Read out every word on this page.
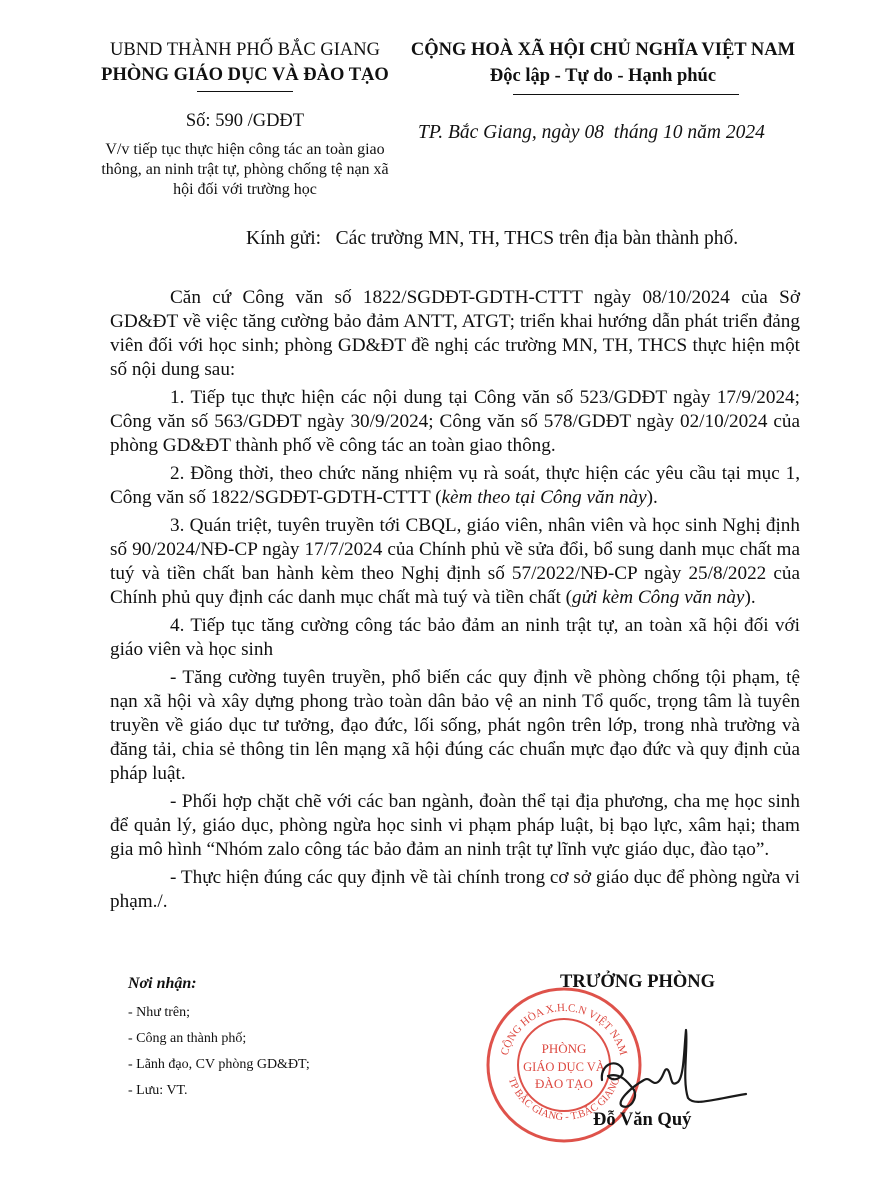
UBND THÀNH PHỐ BẮC GIANG
PHÒNG GIÁO DỤC VÀ ĐÀO TẠO
CỘNG HOÀ XÃ HỘI CHỦ NGHĨA VIỆT NAM
Độc lập - Tự do - Hạnh phúc
Số: 590 /GDĐT
V/v tiếp tục thực hiện công tác an toàn giao thông, an ninh trật tự, phòng chống tệ nạn xã hội đối với trường học
TP. Bắc Giang, ngày 08  tháng 10 năm 2024
Kính gửi:   Các trường MN, TH, THCS trên địa bàn thành phố.

Căn cứ Công văn số 1822/SGDĐT-GDTH-CTTT ngày 08/10/2024 của Sở GD&ĐT về việc tăng cường bảo đảm ANTT, ATGT; triển khai hướng dẫn phát triển đảng viên đối với học sinh; phòng GD&ĐT đề nghị các trường MN, TH, THCS thực hiện một số nội dung sau:

1. Tiếp tục thực hiện các nội dung tại Công văn số 523/GDĐT ngày 17/9/2024; Công văn số 563/GDĐT ngày 30/9/2024; Công văn số 578/GDĐT ngày 02/10/2024 của phòng GD&ĐT thành phố về công tác an toàn giao thông.

2. Đồng thời, theo chức năng nhiệm vụ rà soát, thực hiện các yêu cầu tại mục 1, Công văn số 1822/SGDĐT-GDTH-CTTT (kèm theo tại Công văn này).

3. Quán triệt, tuyên truyền tới CBQL, giáo viên, nhân viên và học sinh Nghị định số 90/2024/NĐ-CP ngày 17/7/2024 của Chính phủ về sửa đổi, bổ sung danh mục chất ma tuý và tiền chất ban hành kèm theo Nghị định số 57/2022/NĐ-CP ngày 25/8/2022 của Chính phủ quy định các danh mục chất mà tuý và tiền chất (gửi kèm Công văn này).

4. Tiếp tục tăng cường công tác bảo đảm an ninh trật tự, an toàn xã hội đối với giáo viên và học sinh

- Tăng cường tuyên truyền, phổ biến các quy định về phòng chống tội phạm, tệ nạn xã hội và xây dựng phong trào toàn dân bảo vệ an ninh Tổ quốc, trọng tâm là tuyên truyền về giáo dục tư tưởng, đạo đức, lối sống, phát ngôn trên lớp, trong nhà trường và đăng tải, chia sẻ thông tin lên mạng xã hội đúng các chuẩn mực đạo đức và quy định của pháp luật.

- Phối hợp chặt chẽ với các ban ngành, đoàn thể tại địa phương, cha mẹ học sinh để quản lý, giáo dục, phòng ngừa học sinh vi phạm pháp luật, bị bạo lực, xâm hại; tham gia mô hình “Nhóm zalo công tác bảo đảm an ninh trật tự lĩnh vực giáo dục, đào tạo”.

- Thực hiện đúng các quy định về tài chính trong cơ sở giáo dục để phòng ngừa vi phạm./.

Nơi nhận:
- Như trên;
- Công an thành phố;
- Lãnh đạo, CV phòng GD&ĐT;
- Lưu: VT.
TRƯỞNG PHÒNG
CỘNG HÒA X.H.C.N VIỆT NAM
TP BẮC GIANG - T.BẮC GIANG
PHÒNG
GIÁO DỤC VÀ
ĐÀO TẠO
Đỗ Văn Quý
